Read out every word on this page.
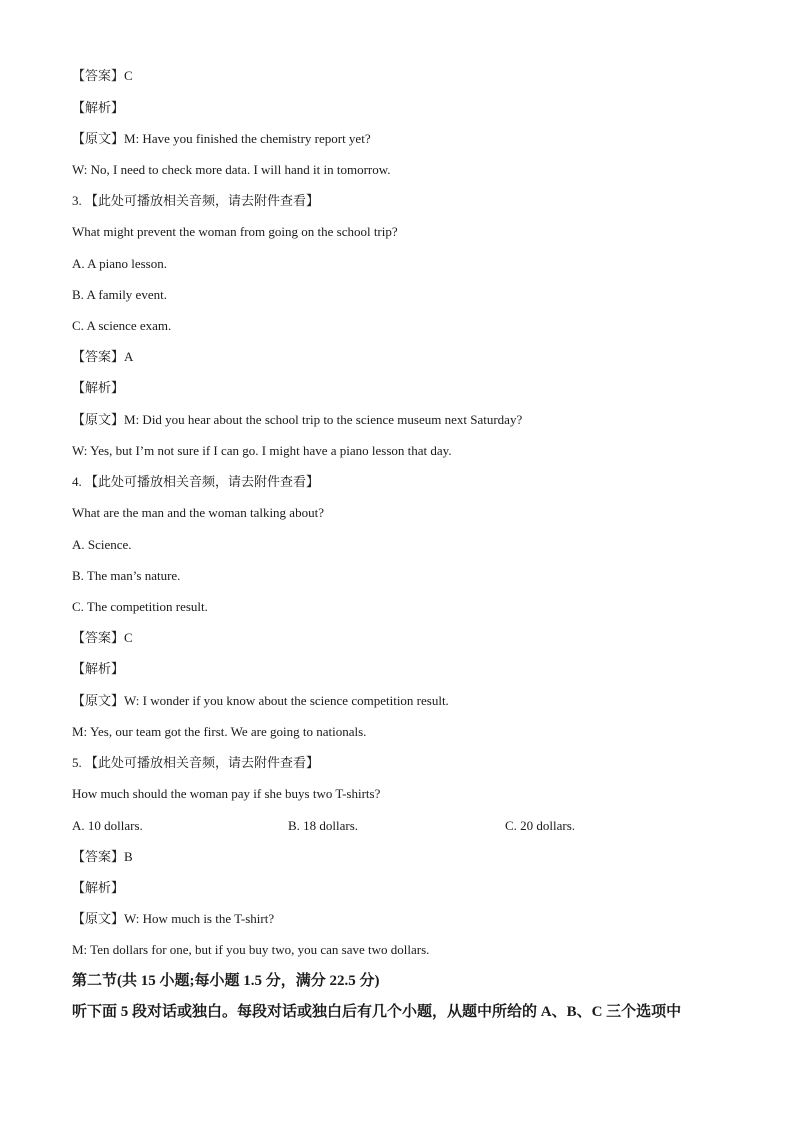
【答案】C
【解析】
【原文】M: Have you finished the chemistry report yet?
W: No, I need to check more data. I will hand it in tomorrow.
3. 【此处可播放相关音频，请去附件查看】
What might prevent the woman from going on the school trip?
A. A piano lesson.
B. A family event.
C. A science exam.
【答案】A
【解析】
【原文】M: Did you hear about the school trip to the science museum next Saturday?
W: Yes, but I’m not sure if I can go. I might have a piano lesson that day.
4. 【此处可播放相关音频，请去附件查看】
What are the man and the woman talking about?
A. Science.
B. The man’s nature.
C. The competition result.
【答案】C
【解析】
【原文】W: I wonder if you know about the science competition result.
M: Yes, our team got the first. We are going to nationals.
5. 【此处可播放相关音频，请去附件查看】
How much should the woman pay if she buys two T-shirts?
A. 10 dollars.	B. 18 dollars.	C. 20 dollars.
【答案】B
【解析】
【原文】W: How much is the T-shirt?
M: Ten dollars for one, but if you buy two, you can save two dollars.
第二节(共 15 小题;每小题 1.5 分，满分 22.5 分)
听下面 5 段对话或独白。每段对话或独白后有几个小题，从题中所给的 A、B、C 三个选项中
